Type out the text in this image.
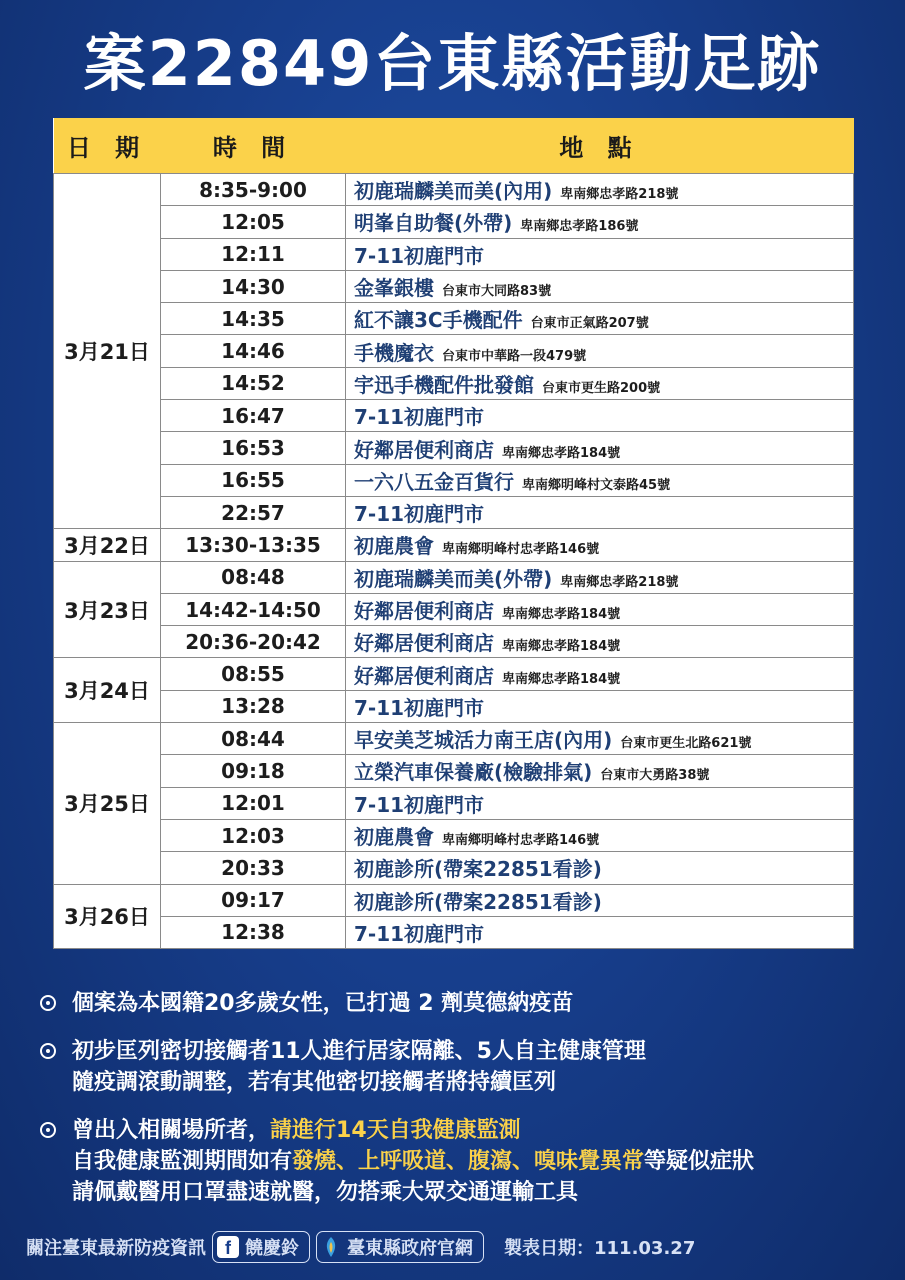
案22849台東縣活動足跡
日 期	時 間	地 點
3月21日	8:35-9:00	初鹿瑞麟美而美(內用) 卑南鄉忠孝路218號
	12:05	明峯自助餐(外帶) 卑南鄉忠孝路186號
	12:11	7-11初鹿門市
	14:30	金峯銀樓 台東市大同路83號
	14:35	紅不讓3C手機配件 台東市正氣路207號
	14:46	手機魔衣 台東市中華路一段479號
	14:52	宇迅手機配件批發館 台東市更生路200號
	16:47	7-11初鹿門市
	16:53	好鄰居便利商店 卑南鄉忠孝路184號
	16:55	一六八五金百貨行 卑南鄉明峰村文泰路45號
	22:57	7-11初鹿門市
3月22日	13:30-13:35	初鹿農會 卑南鄉明峰村忠孝路146號
3月23日	08:48	初鹿瑞麟美而美(外帶) 卑南鄉忠孝路218號
	14:42-14:50	好鄰居便利商店 卑南鄉忠孝路184號
	20:36-20:42	好鄰居便利商店 卑南鄉忠孝路184號
3月24日	08:55	好鄰居便利商店 卑南鄉忠孝路184號
	13:28	7-11初鹿門市
3月25日	08:44	早安美芝城活力南王店(內用) 台東市更生北路621號
	09:18	立榮汽車保養廠(檢驗排氣) 台東市大勇路38號
	12:01	7-11初鹿門市
	12:03	初鹿農會 卑南鄉明峰村忠孝路146號
	20:33	初鹿診所(帶案22851看診)
3月26日	09:17	初鹿診所(帶案22851看診)
	12:38	7-11初鹿門市
個案為本國籍20多歲女性，已打過 2 劑莫德納疫苗
初步匡列密切接觸者11人進行居家隔離、5人自主健康管理
隨疫調滾動調整，若有其他密切接觸者將持續匡列
曾出入相關場所者，請進行14天自我健康監測
自我健康監測期間如有發燒、上呼吸道、腹瀉、嗅味覺異常等疑似症狀
請佩戴醫用口罩盡速就醫，勿搭乘大眾交通運輸工具
關注臺東最新防疫資訊	f 饒慶鈴	臺東縣政府官網 製表日期：111.03.27
